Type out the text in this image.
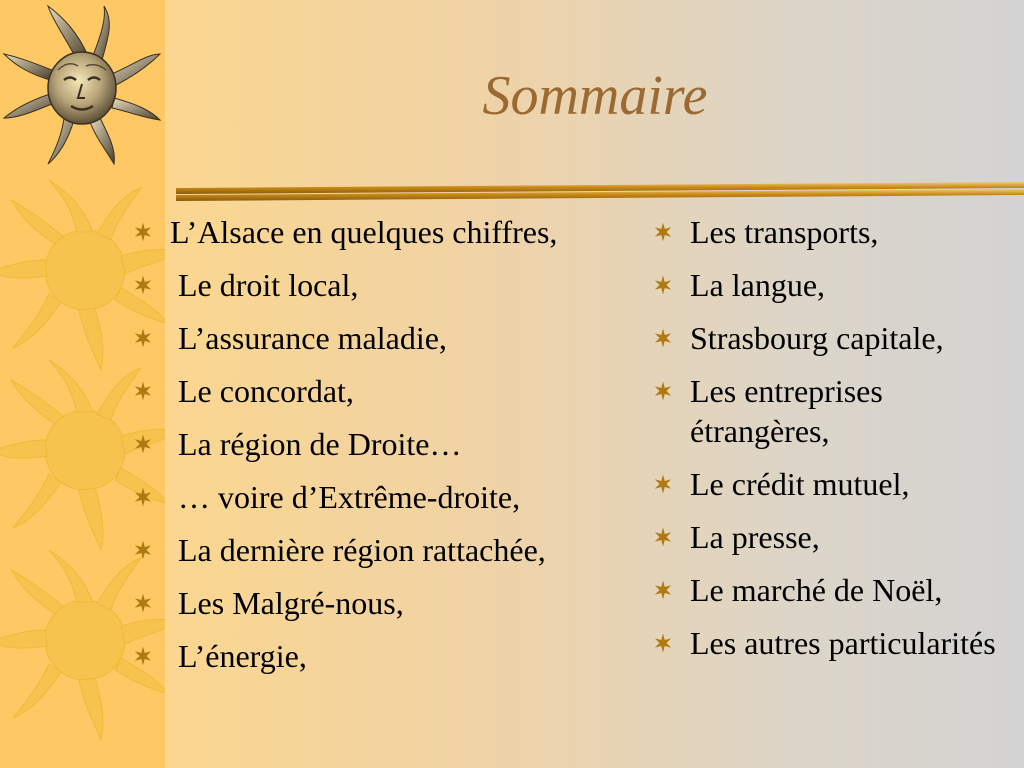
Sommaire
L’Alsace en quelques chiffres,
Le droit local,
L’assurance maladie,
Le concordat,
La région de Droite…
… voire d’Extrême-droite,
La dernière région rattachée,
Les Malgré-nous,
L’énergie,
Les transports,
La langue,
Strasbourg capitale,
Les entreprises étrangères,
Le crédit mutuel,
La presse,
Le marché de Noël,
Les autres particularités
